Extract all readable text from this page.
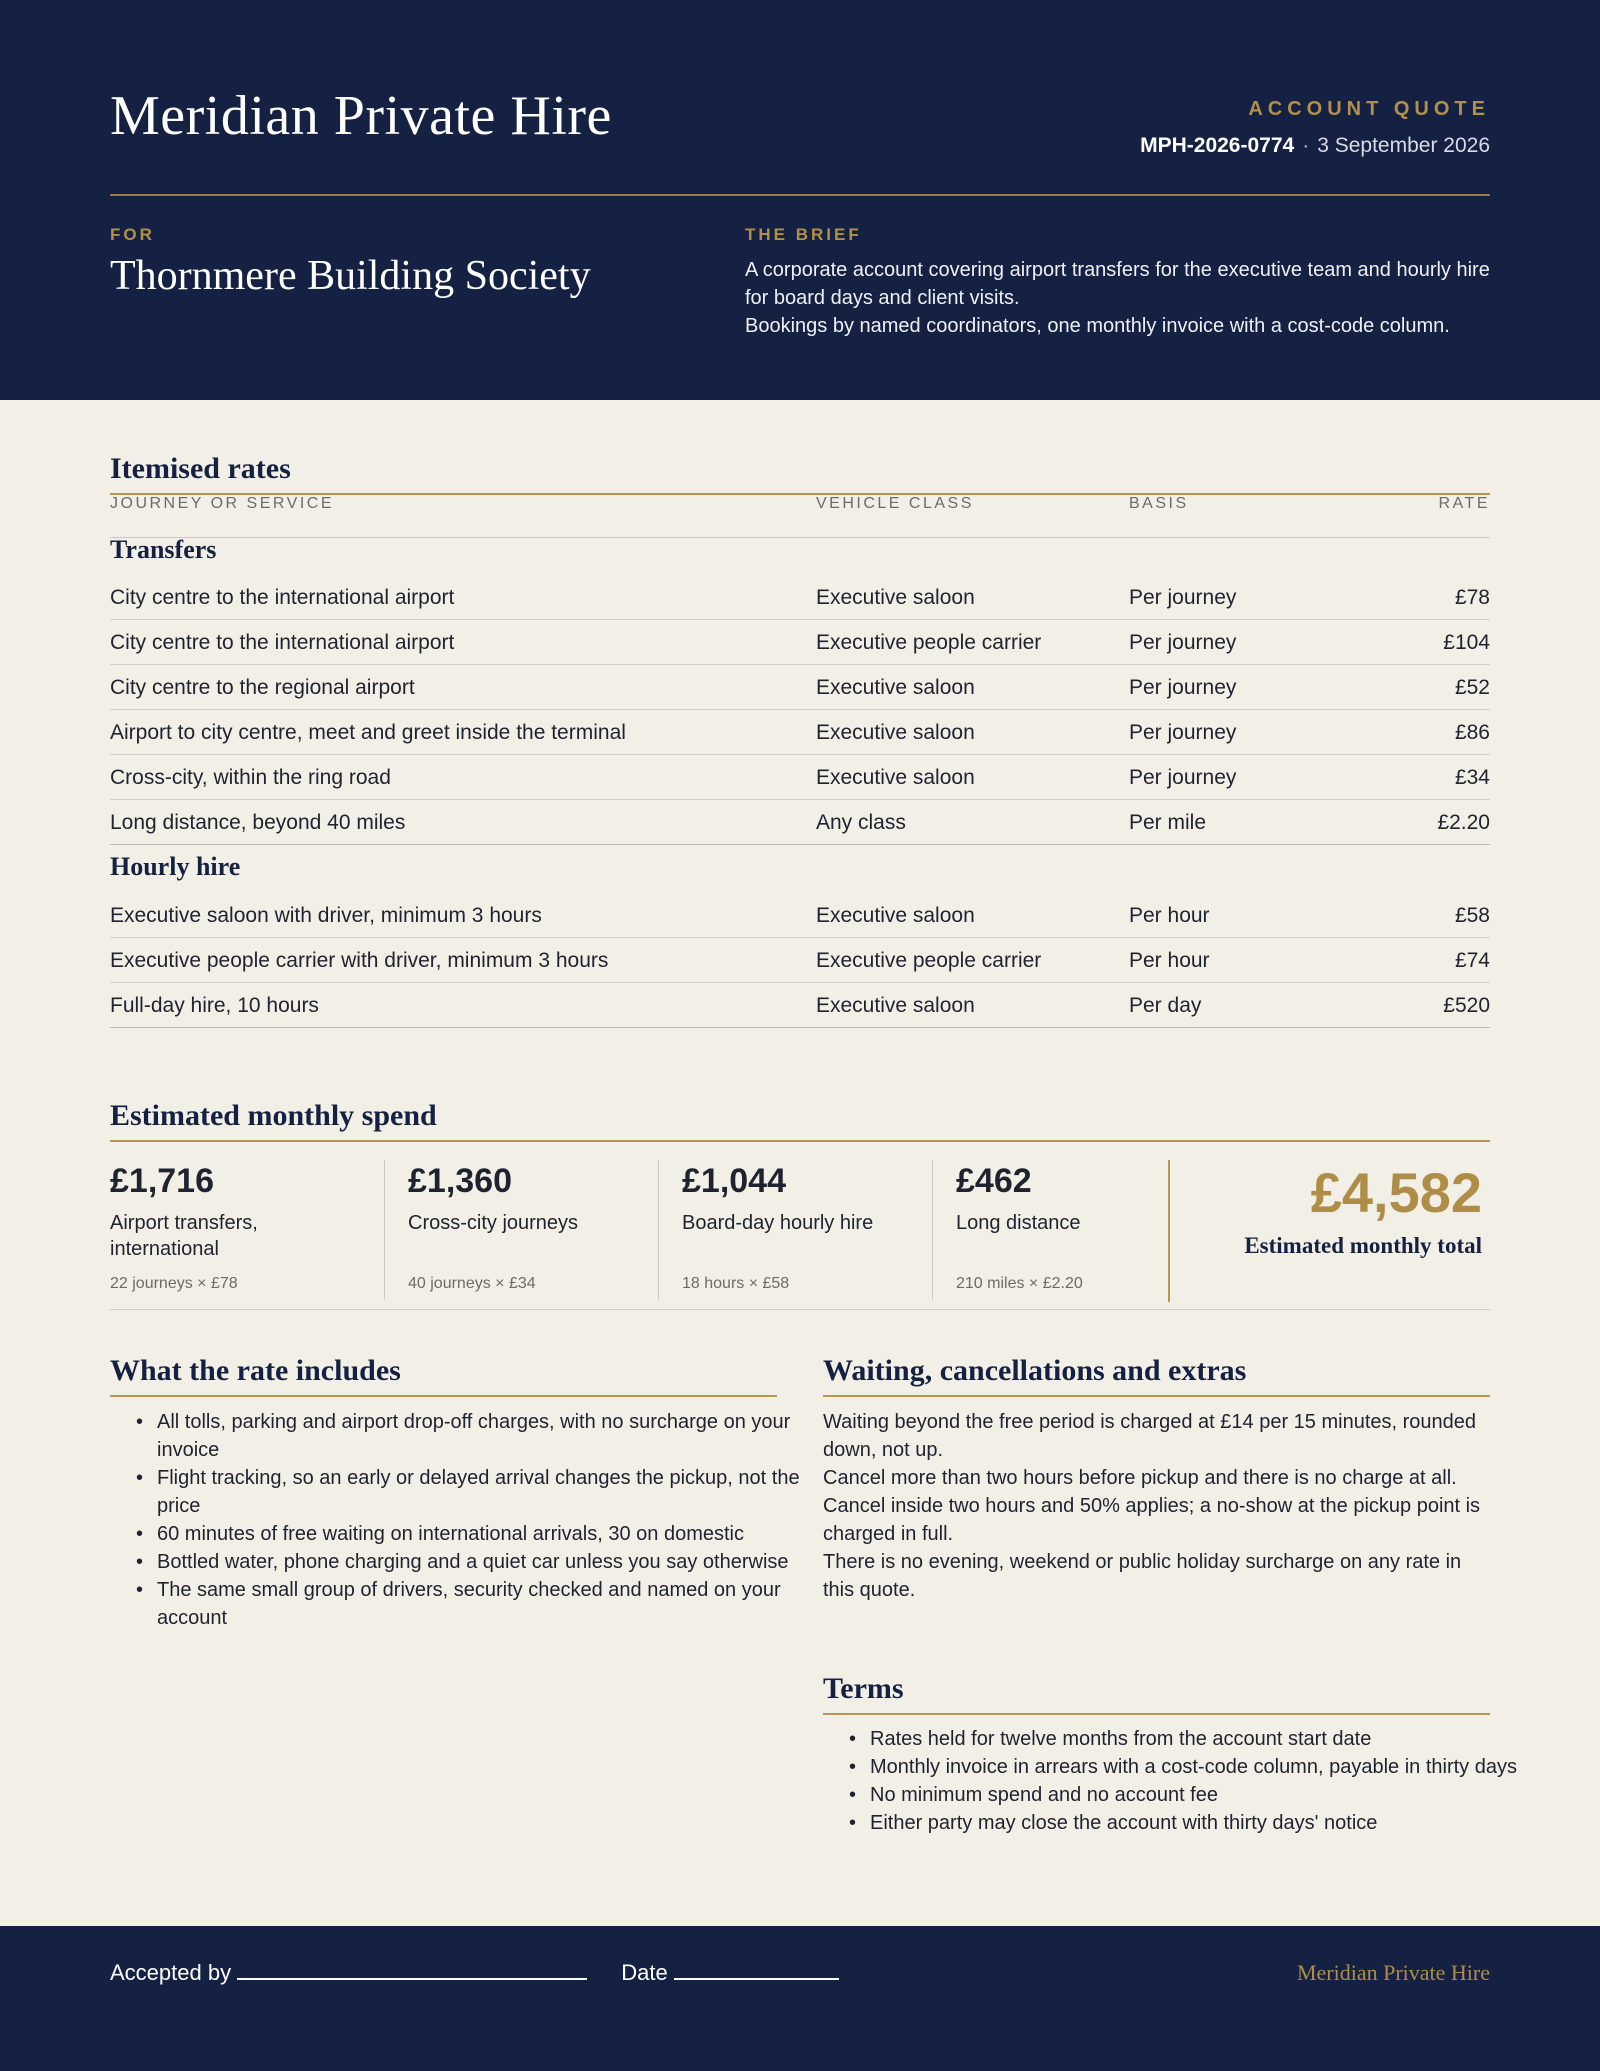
Meridian Private Hire	ACCOUNT QUOTE
MPH-2026-0774 · 3 September 2026
FOR
Thornmere Building Society
THE BRIEF

A corporate account covering airport transfers for the executive team and hourly hire for board days and client visits.

Bookings by named coordinators, one monthly invoice with a cost-code column.

Itemised rates
JOURNEY OR SERVICE	VEHICLE CLASS	BASIS	RATE
Transfers
City centre to the international airport	Executive saloon	Per journey	£78
City centre to the international airport	Executive people carrier	Per journey	£104
City centre to the regional airport	Executive saloon	Per journey	£52
Airport to city centre, meet and greet inside the terminal	Executive saloon	Per journey	£86
Cross-city, within the ring road	Executive saloon	Per journey	£34
Long distance, beyond 40 miles	Any class	Per mile	£2.20
Hourly hire
Executive saloon with driver, minimum 3 hours	Executive saloon	Per hour	£58
Executive people carrier with driver, minimum 3 hours	Executive people carrier	Per hour	£74
Full-day hire, 10 hours	Executive saloon	Per day	£520
Estimated monthly spend
£1,716
Airport transfers, international
22 journeys × £78
£1,360
Cross-city journeys
40 journeys × £34
£1,044
Board-day hourly hire
18 hours × £58
£462
Long distance
210 miles × £2.20
£4,582
Estimated monthly total
What the rate includes
• All tolls, parking and airport drop-off charges, with no surcharge on your invoice
• Flight tracking, so an early or delayed arrival changes the pickup, not the price
• 60 minutes of free waiting on international arrivals, 30 on domestic
• Bottled water, phone charging and a quiet car unless you say otherwise
• The same small group of drivers, security checked and named on your account
Waiting, cancellations and extras

Waiting beyond the free period is charged at £14 per 15 minutes, rounded down, not up.

Cancel more than two hours before pickup and there is no charge at all.

Cancel inside two hours and 50% applies; a no-show at the pickup point is charged in full.

There is no evening, weekend or public holiday surcharge on any rate in this quote.

Terms
• Rates held for twelve months from the account start date
• Monthly invoice in arrears with a cost-code column, payable in thirty days
• No minimum spend and no account fee
• Either party may close the account with thirty days' notice
Accepted by	Date	Meridian Private Hire
